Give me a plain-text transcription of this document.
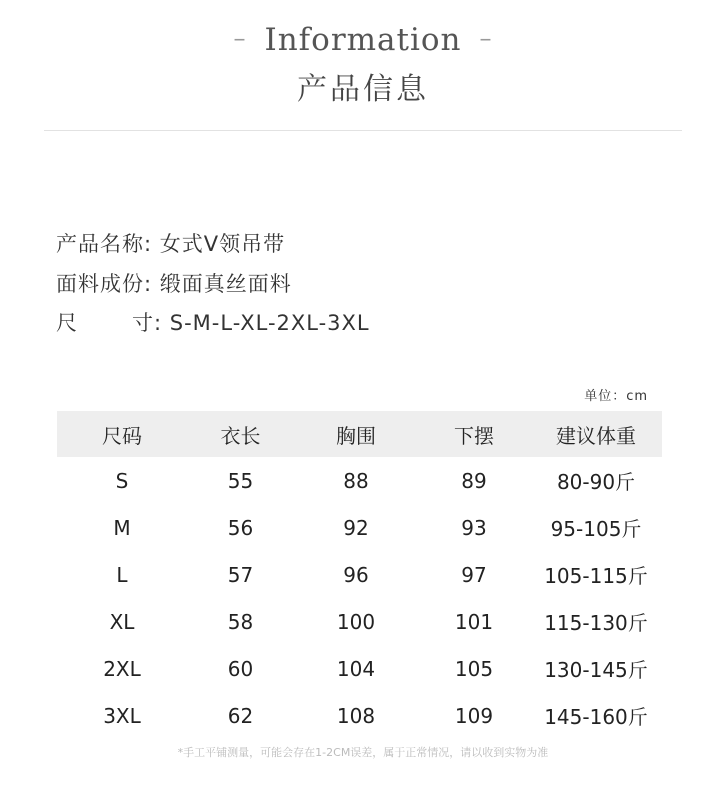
– Information –
产品信息
产品名称: 女式V领吊带
面料成份: 缎面真丝面料
尺	寸: S-M-L-XL-2XL-3XL
单位：cm
尺码	衣长	胸围	下摆	建议体重
S	55	88	89	80-90斤
M	56	92	93	95-105斤
L	57	96	97	105-115斤
XL	58	100	101	115-130斤
2XL	60	104	105	130-145斤
3XL	62	108	109	145-160斤
*手工平铺测量，可能会存在1-2CM误差，属于正常情况，请以收到实物为准
